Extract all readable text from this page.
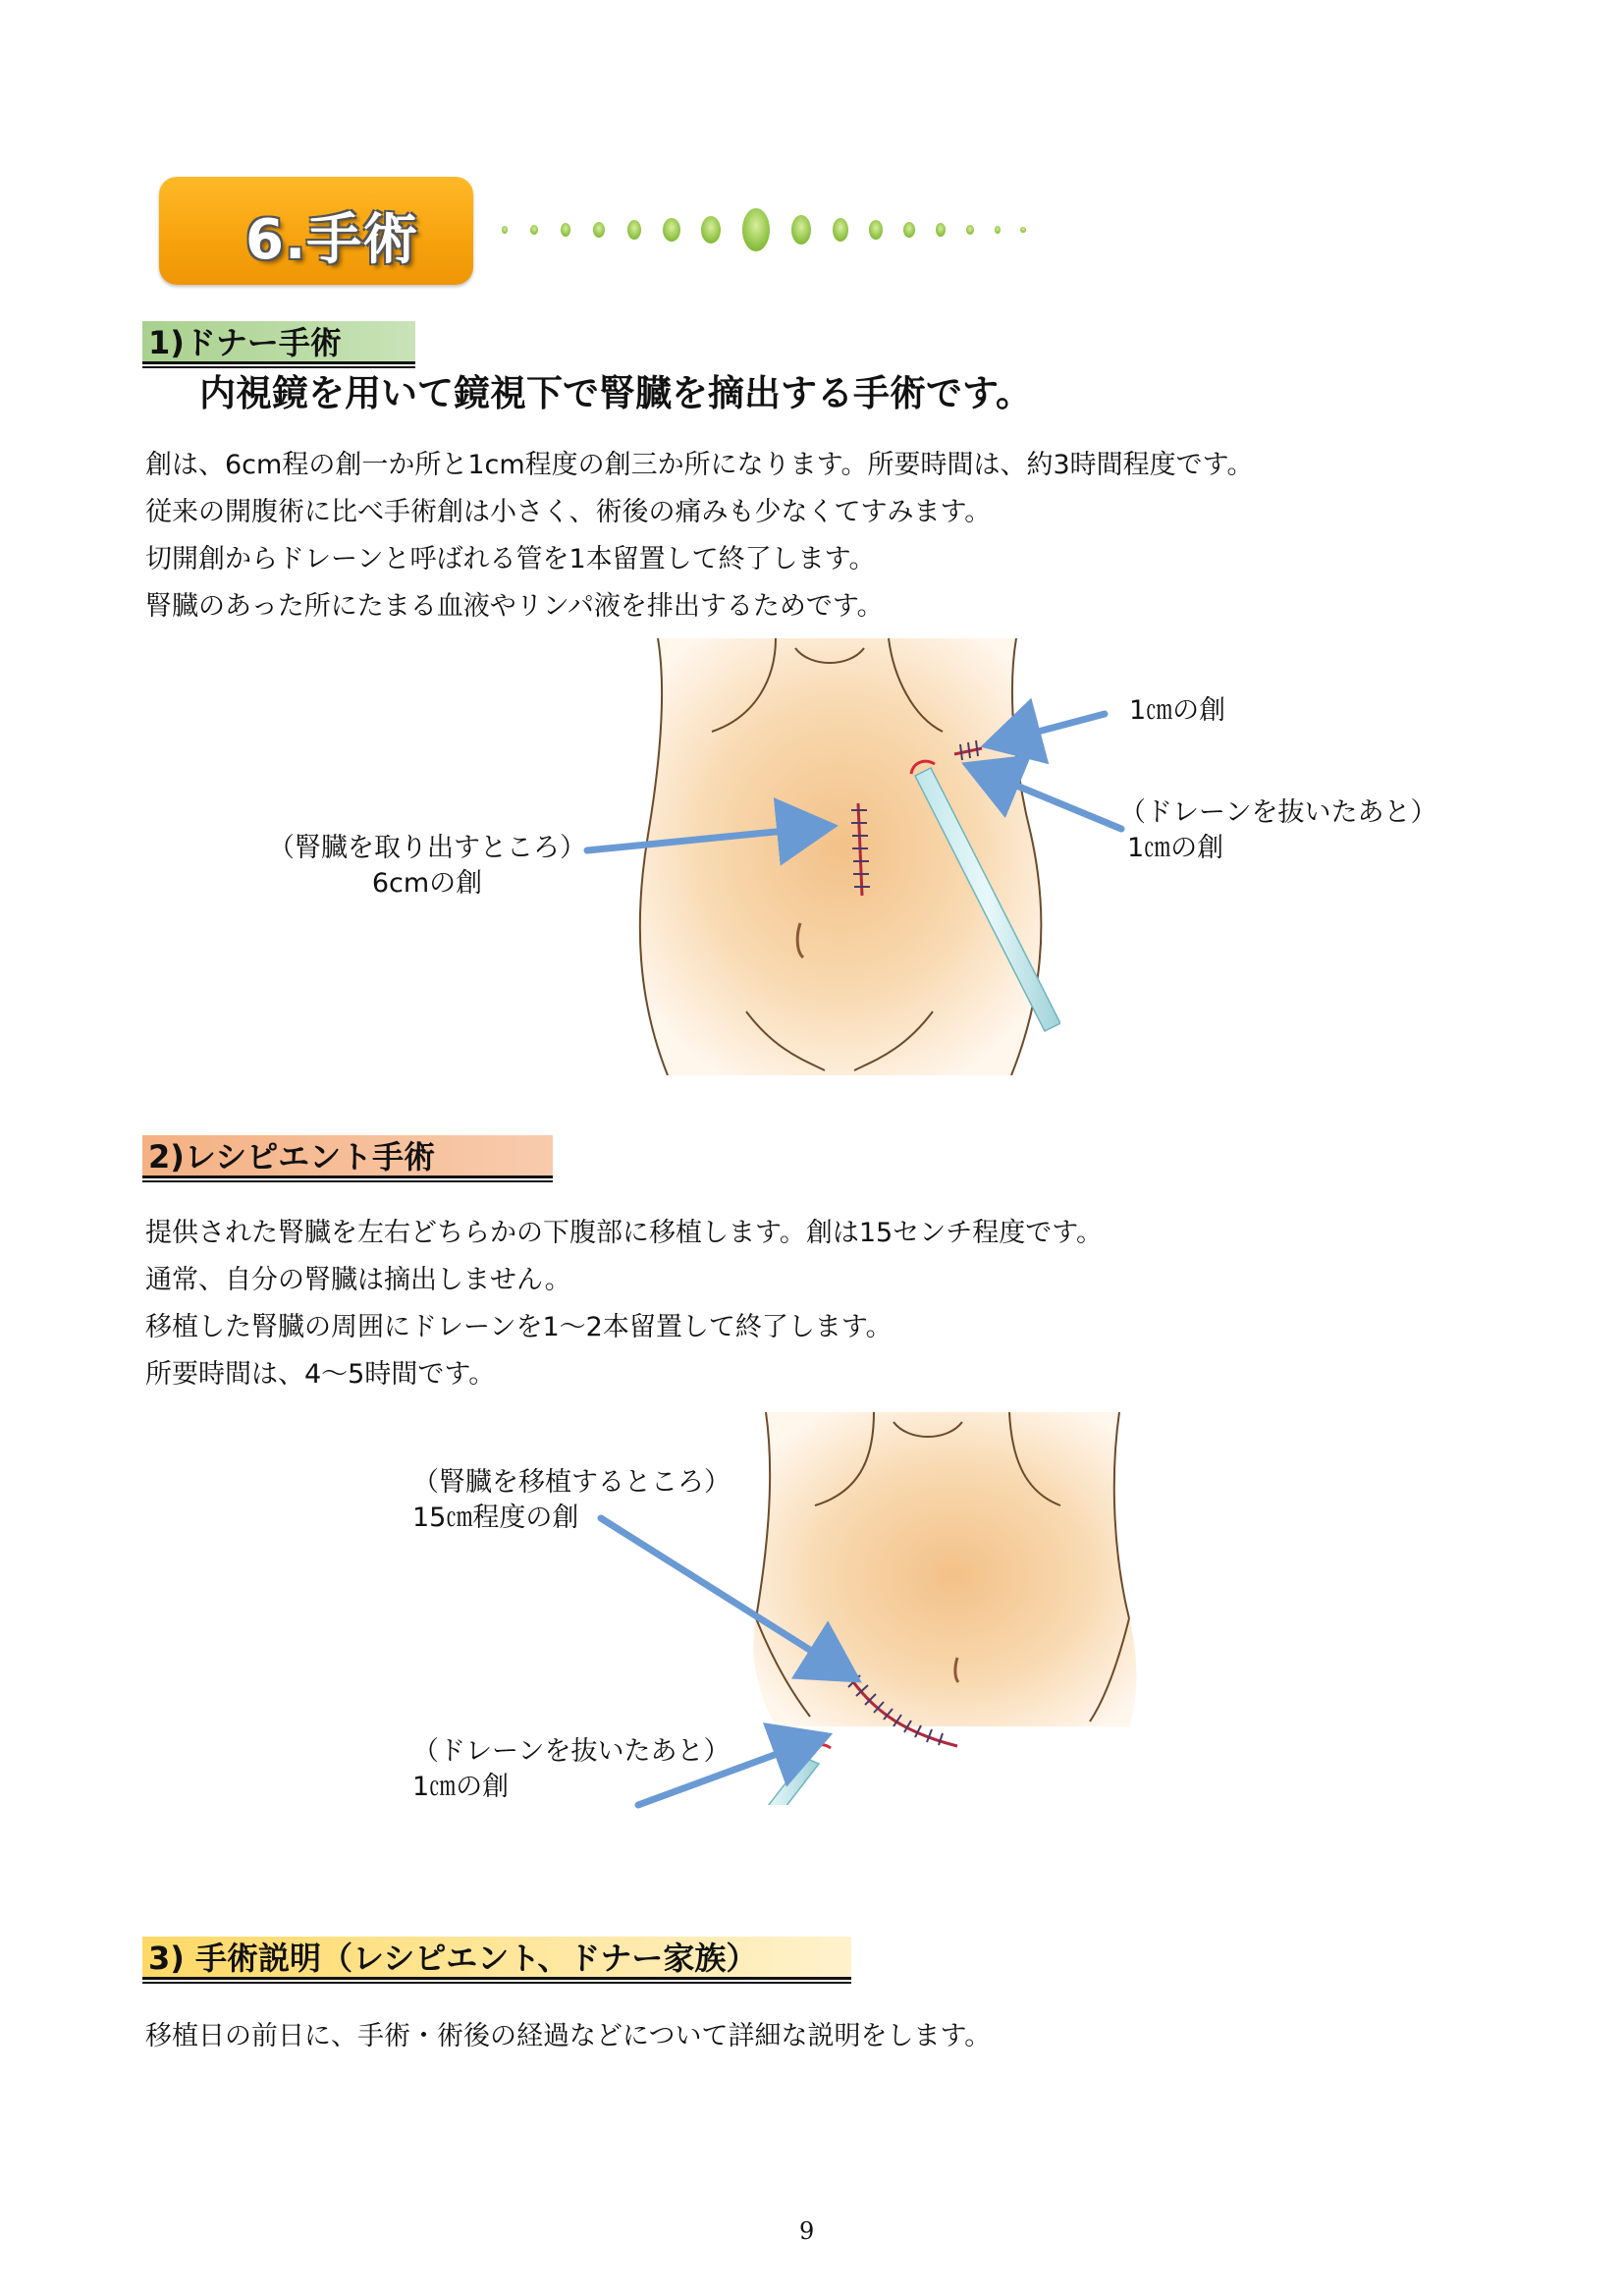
6.手術
1)ドナー手術
内視鏡を用いて鏡視下で腎臓を摘出する手術です。

創は、6cm程の創一か所と1cm程度の創三か所になります。所要時間は、約3時間程度です。

従来の開腹術に比べ手術創は小さく、術後の痛みも少なくてすみます。

切開創からドレーンと呼ばれる管を1本留置して終了します。

腎臓のあった所にたまる血液やリンパ液を排出するためです。

2)レシピエント手術

提供された腎臓を左右どちらかの下腹部に移植します。創は15センチ程度です。

通常、自分の腎臓は摘出しません。

移植した腎臓の周囲にドレーンを1～2本留置して終了します。

所要時間は、4～5時間です。

1㎝の創

（ドレーンを抜いたあと）

1㎝の創

（腎臓を取り出すところ）

6cmの創

（腎臓を移植するところ）

15㎝程度の創

（ドレーンを抜いたあと）

1㎝の創

3) 手術説明（レシピエント、ドナー家族）

移植日の前日に、手術・術後の経過などについて詳細な説明をします。

9
